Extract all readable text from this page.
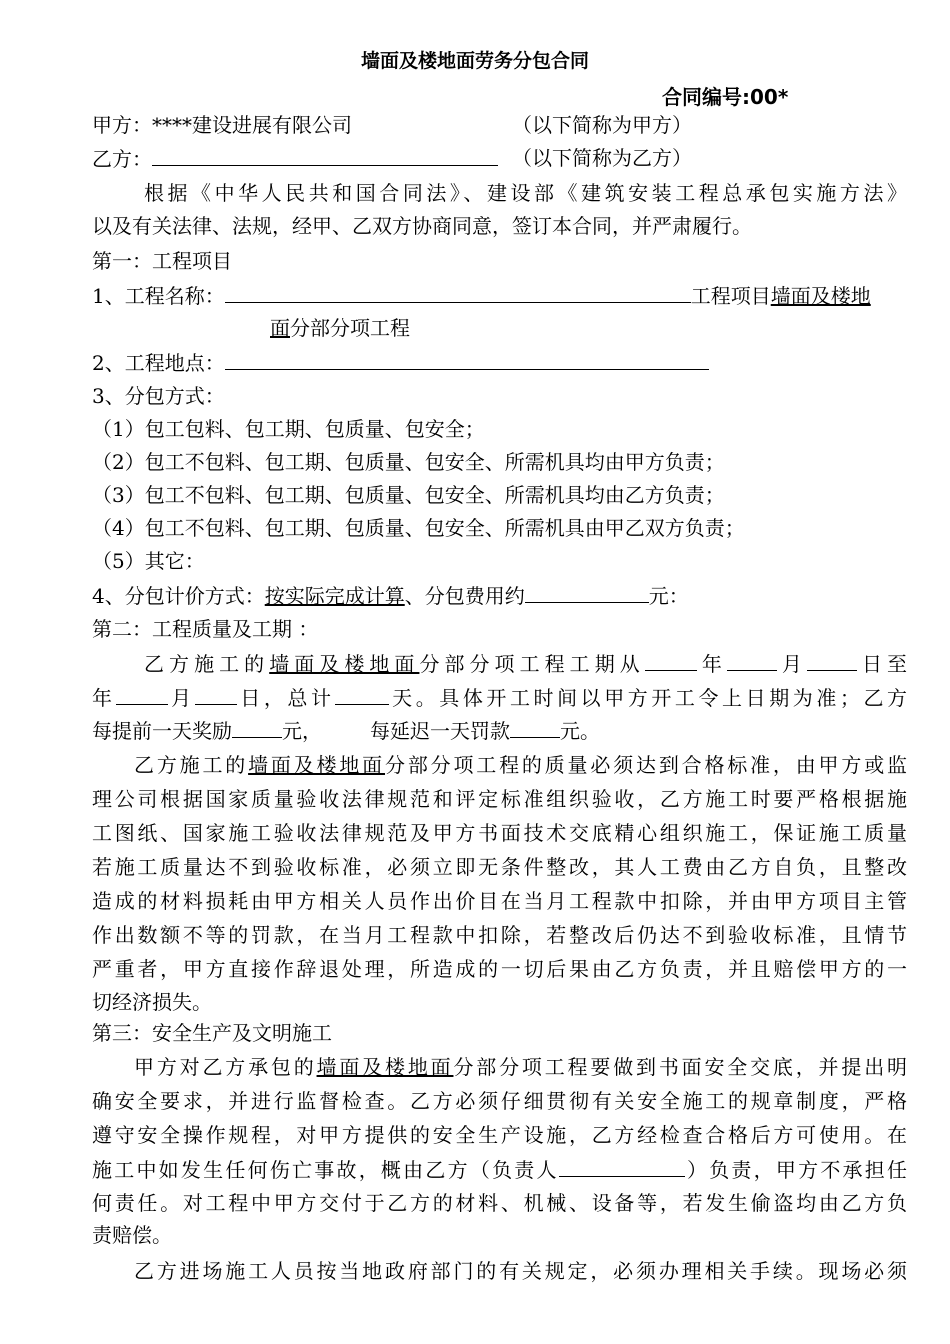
墙面及楼地面劳务分包合同
合同编号:00*
甲方：****建设进展有限公司	（以下简称为甲方）
乙方：	（以下简称为乙方）
根据《中华人民共和国合同法》、建设部《建筑安装工程总承包实施方法》
以及有关法律、法规，经甲、乙双方协商同意，签订本合同，并严肃履行。
第一：工程项目
1、工程名称：	工程项目墙面及楼地
面分部分项工程
2、工程地点：
3、分包方式：
（1）包工包料、包工期、包质量、包安全；
（2）包工不包料、包工期、包质量、包安全、所需机具均由甲方负责；
（3）包工不包料、包工期、包质量、包安全、所需机具均由乙方负责；
（4）包工不包料、包工期、包质量、包安全、所需机具由甲乙双方负责；
（5）其它：
4、分包计价方式：按实际完成计算、分包费用约	元：
第二：工程质量及工期 ：
乙方施工的墙面及楼地面分部分项工程工期从	年	月	日至
年	月 日，总计	天。具体开工时间以甲方开工令上日期为准；乙方
每提前一天奖励	元， 每延迟一天罚款	元。
乙方施工的墙面及楼地面分部分项工程的质量必须达到合格标准，由甲方或监
理公司根据国家质量验收法律规范和评定标准组织验收，乙方施工时要严格根据施
工图纸、国家施工验收法律规范及甲方书面技术交底精心组织施工，保证施工质量
若施工质量达不到验收标准，必须立即无条件整改，其人工费由乙方自负，且整改
造成的材料损耗由甲方相关人员作出价目在当月工程款中扣除，并由甲方项目主管
作出数额不等的罚款，在当月工程款中扣除，若整改后仍达不到验收标准，且情节
严重者，甲方直接作辞退处理，所造成的一切后果由乙方负责，并且赔偿甲方的一
切经济损失。
第三：安全生产及文明施工
甲方对乙方承包的墙面及楼地面分部分项工程要做到书面安全交底，并提出明
确安全要求，并进行监督检查。乙方必须仔细贯彻有关安全施工的规章制度，严格
遵守安全操作规程，对甲方提供的安全生产设施，乙方经检查合格后方可使用。在
施工中如发生任何伤亡事故，概由乙方（负责人	）负责，甲方不承担任
何责任。对工程中甲方交付于乙方的材料、机械、设备等，若发生偷盗均由乙方负
责赔偿。
乙方进场施工人员按当地政府部门的有关规定，必须办理相关手续。现场必须
